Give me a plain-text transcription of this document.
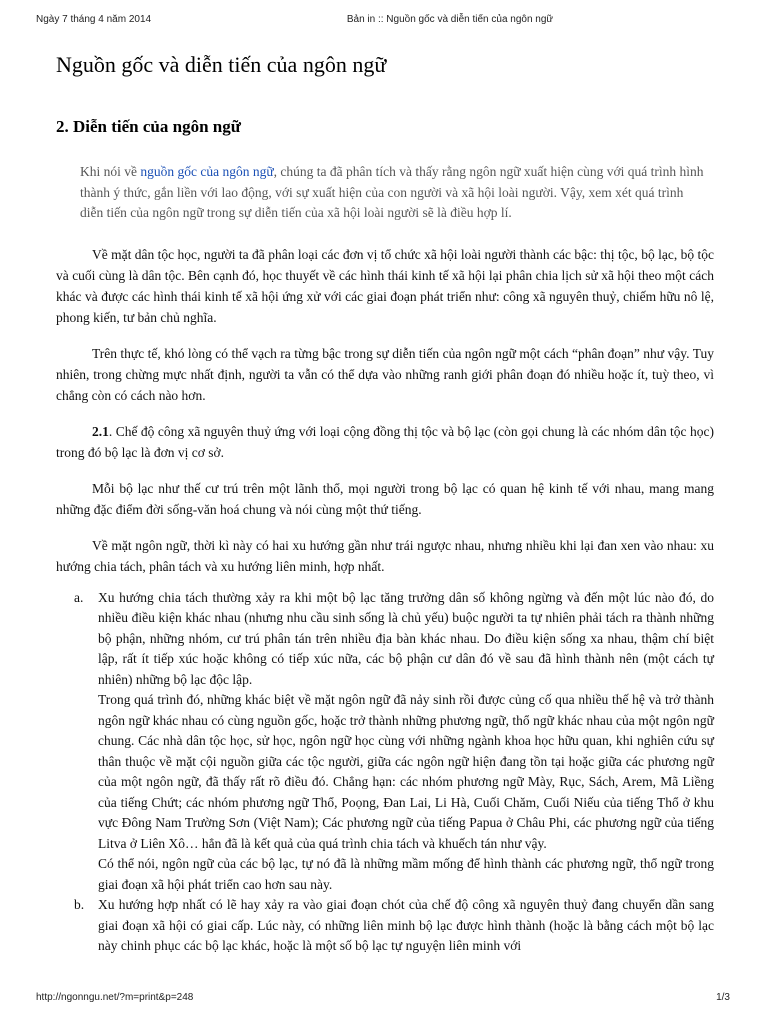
Ngày 7 tháng 4 năm 2014	Bản in :: Nguồn gốc và diễn tiến của ngôn ngữ
Nguồn gốc và diễn tiến của ngôn ngữ
2. Diễn tiến của ngôn ngữ
Khi nói về nguồn gốc của ngôn ngữ, chúng ta đã phân tích và thấy rằng ngôn ngữ xuất hiện cùng với quá trình hình thành ý thức, gắn liền với lao động, với sự xuất hiện của con người và xã hội loài người. Vậy, xem xét quá trình diễn tiến của ngôn ngữ trong sự diễn tiến của xã hội loài người sẽ là điều hợp lí.

Về mặt dân tộc học, người ta đã phân loại các đơn vị tổ chức xã hội loài người thành các bậc: thị tộc, bộ lạc, bộ tộc và cuối cùng là dân tộc. Bên cạnh đó, học thuyết về các hình thái kinh tế xã hội lại phân chia lịch sử xã hội theo một cách khác và được các hình thái kinh tế xã hội ứng xử với các giai đoạn phát triển như: công xã nguyên thuỷ, chiếm hữu nô lệ, phong kiến, tư bản chủ nghĩa.

Trên thực tế, khó lòng có thể vạch ra từng bậc trong sự diễn tiến của ngôn ngữ một cách “phân đoạn” như vậy. Tuy nhiên, trong chừng mực nhất định, người ta vẫn có thể dựa vào những ranh giới phân đoạn đó nhiều hoặc ít, tuỳ theo, vì chẳng còn có cách nào hơn.

2.1. Chế độ công xã nguyên thuỷ ứng với loại cộng đồng thị tộc và bộ lạc (còn gọi chung là các nhóm dân tộc học) trong đó bộ lạc là đơn vị cơ sở.

Mỗi bộ lạc như thế cư trú trên một lãnh thổ, mọi người trong bộ lạc có quan hệ kinh tế với nhau, mang mang những đặc điểm đời sống-văn hoá chung và nói cùng một thứ tiếng.

Về mặt ngôn ngữ, thời kì này có hai xu hướng gần như trái ngược nhau, nhưng nhiều khi lại đan xen vào nhau: xu hướng chia tách, phân tách và xu hướng liên minh, hợp nhất.

a. Xu hướng chia tách thường xảy ra khi một bộ lạc tăng trưởng dân số không ngừng và đến một lúc nào đó, do nhiều điều kiện khác nhau (nhưng nhu cầu sinh sống là chủ yếu) buộc người ta tự nhiên phải tách ra thành những bộ phận, những nhóm, cư trú phân tán trên nhiều địa bàn khác nhau. Do điều kiện sống xa nhau, thậm chí biệt lập, rất ít tiếp xúc hoặc không có tiếp xúc nữa, các bộ phận cư dân đó về sau đã hình thành nên (một cách tự nhiên) những bộ lạc độc lập.

Trong quá trình đó, những khác biệt về mặt ngôn ngữ đã nảy sinh rồi được củng cố qua nhiều thế hệ và trở thành ngôn ngữ khác nhau có cùng nguồn gốc, hoặc trở thành những phương ngữ, thổ ngữ khác nhau của một ngôn ngữ chung. Các nhà dân tộc học, sử học, ngôn ngữ học cùng với những ngành khoa học hữu quan, khi nghiên cứu sự thân thuộc về mặt cội nguồn giữa các tộc người, giữa các ngôn ngữ hiện đang tồn tại hoặc giữa các phương ngữ của một ngôn ngữ, đã thấy rất rõ điều đó. Chẳng hạn: các nhóm phương ngữ Mày, Rục, Sách, Arem, Mã Liềng của tiếng Chứt; các nhóm phương ngữ Thổ, Poọng, Đan Lai, Li Hà, Cuối Chăm, Cuối Niếu của tiếng Thổ ở khu vực Đông Nam Trường Sơn (Việt Nam); Các phương ngữ của tiếng Papua ở Châu Phi, các phương ngữ của tiếng Litva ở Liên Xô… hẳn đã là kết quả của quá trình chia tách và khuếch tán như vậy.

Có thể nói, ngôn ngữ của các bộ lạc, tự nó đã là những mầm mống để hình thành các phương ngữ, thổ ngữ trong giai đoạn xã hội phát triển cao hơn sau này.

b. Xu hướng hợp nhất có lẽ hay xảy ra vào giai đoạn chót của chế độ công xã nguyên thuỷ đang chuyển dần sang giai đoạn xã hội có giai cấp. Lúc này, có những liên minh bộ lạc được hình thành (hoặc là bằng cách một bộ lạc này chinh phục các bộ lạc khác, hoặc là một số bộ lạc tự nguyện liên minh với

http://ngonngu.net/?m=print&p=248	1/3
